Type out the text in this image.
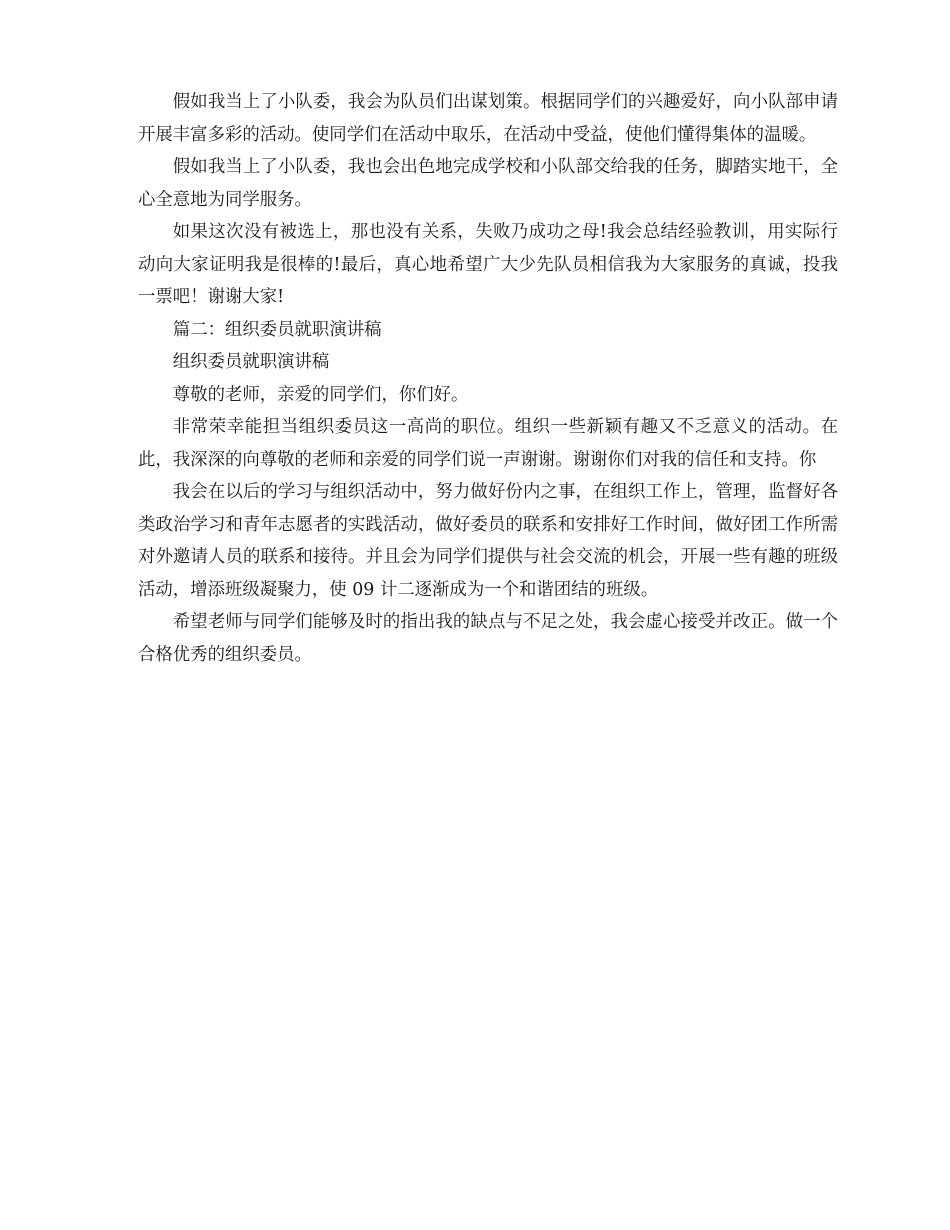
假如我当上了小队委，我会为队员们出谋划策。根据同学们的兴趣爱好，向小队部申请开展丰富多彩的活动。使同学们在活动中取乐，在活动中受益，使他们懂得集体的温暖。

假如我当上了小队委，我也会出色地完成学校和小队部交给我的任务，脚踏实地干，全心全意地为同学服务。

如果这次没有被选上，那也没有关系，失败乃成功之母!我会总结经验教训，用实际行动向大家证明我是很棒的!最后，真心地希望广大少先队员相信我为大家服务的真诚，投我一票吧！谢谢大家!

篇二：组织委员就职演讲稿

组织委员就职演讲稿

尊敬的老师，亲爱的同学们，你们好。

非常荣幸能担当组织委员这一高尚的职位。组织一些新颖有趣又不乏意义的活动。在此，我深深的向尊敬的老师和亲爱的同学们说一声谢谢。谢谢你们对我的信任和支持。你

我会在以后的学习与组织活动中，努力做好份内之事，在组织工作上，管理，监督好各类政治学习和青年志愿者的实践活动，做好委员的联系和安排好工作时间，做好团工作所需对外邀请人员的联系和接待。并且会为同学们提供与社会交流的机会，开展一些有趣的班级活动，增添班级凝聚力，使 09 计二逐渐成为一个和谐团结的班级。

希望老师与同学们能够及时的指出我的缺点与不足之处，我会虚心接受并改正。做一个合格优秀的组织委员。
